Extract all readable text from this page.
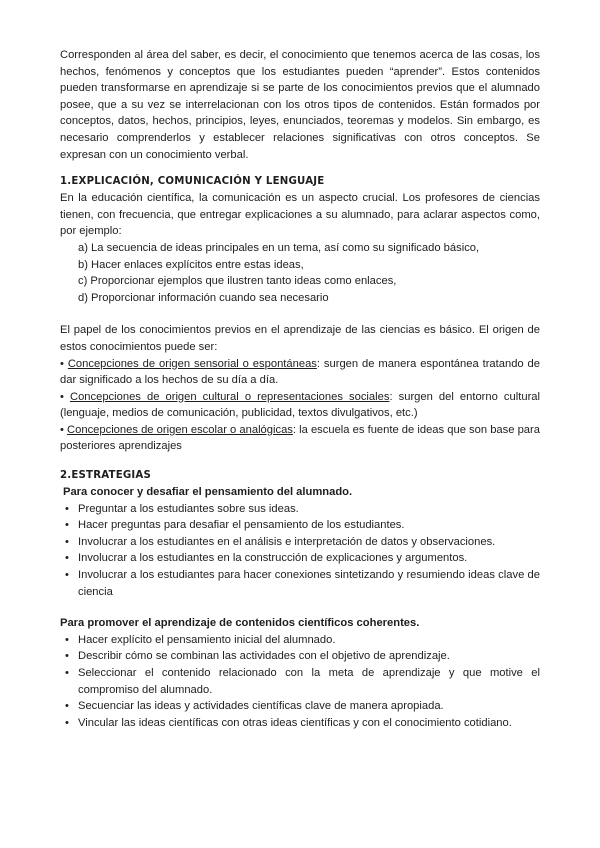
Corresponden al área del saber, es decir, el conocimiento que tenemos acerca de las cosas, los hechos, fenómenos y conceptos que los estudiantes pueden “aprender”. Estos contenidos pueden transformarse en aprendizaje si se parte de los conocimientos previos que el alumnado posee, que a su vez se interrelacionan con los otros tipos de contenidos. Están formados por conceptos, datos, hechos, principios, leyes, enunciados, teoremas y modelos. Sin embargo, es necesario comprenderlos y establecer relaciones significativas con otros conceptos. Se expresan con un conocimiento verbal.

1.EXPLICACIÓN, COMUNICACIÓN Y LENGUAJE

En la educación científica, la comunicación es un aspecto crucial. Los profesores de ciencias tienen, con frecuencia, que entregar explicaciones a su alumnado, para aclarar aspectos como, por ejemplo:

a) La secuencia de ideas principales en un tema, así como su significado básico,
b) Hacer enlaces explícitos entre estas ideas,
c) Proporcionar ejemplos que ilustren tanto ideas como enlaces,
d) Proporcionar información cuando sea necesario

El papel de los conocimientos previos en el aprendizaje de las ciencias es básico. El origen de estos conocimientos puede ser:

• Concepciones de origen sensorial o espontáneas: surgen de manera espontánea tratando de dar significado a los hechos de su día a día.

• Concepciones de origen cultural o representaciones sociales: surgen del entorno cultural (lenguaje, medios de comunicación, publicidad, textos divulgativos, etc.)

• Concepciones de origen escolar o analógicas: la escuela es fuente de ideas que son base para posteriores aprendizajes

2.ESTRATEGIAS

Para conocer y desafiar el pensamiento del alumnado.

• Preguntar a los estudiantes sobre sus ideas.
• Hacer preguntas para desafiar el pensamiento de los estudiantes.
• Involucrar a los estudiantes en el análisis e interpretación de datos y observaciones.
• Involucrar a los estudiantes en la construcción de explicaciones y argumentos.
• Involucrar a los estudiantes para hacer conexiones sintetizando y resumiendo ideas clave de ciencia

Para promover el aprendizaje de contenidos científicos coherentes.

• Hacer explícito el pensamiento inicial del alumnado.
• Describir cómo se combinan las actividades con el objetivo de aprendizaje.
• Seleccionar el contenido relacionado con la meta de aprendizaje y que motive el compromiso del alumnado.
• Secuenciar las ideas y actividades científicas clave de manera apropiada.
• Vincular las ideas científicas con otras ideas científicas y con el conocimiento cotidiano.
